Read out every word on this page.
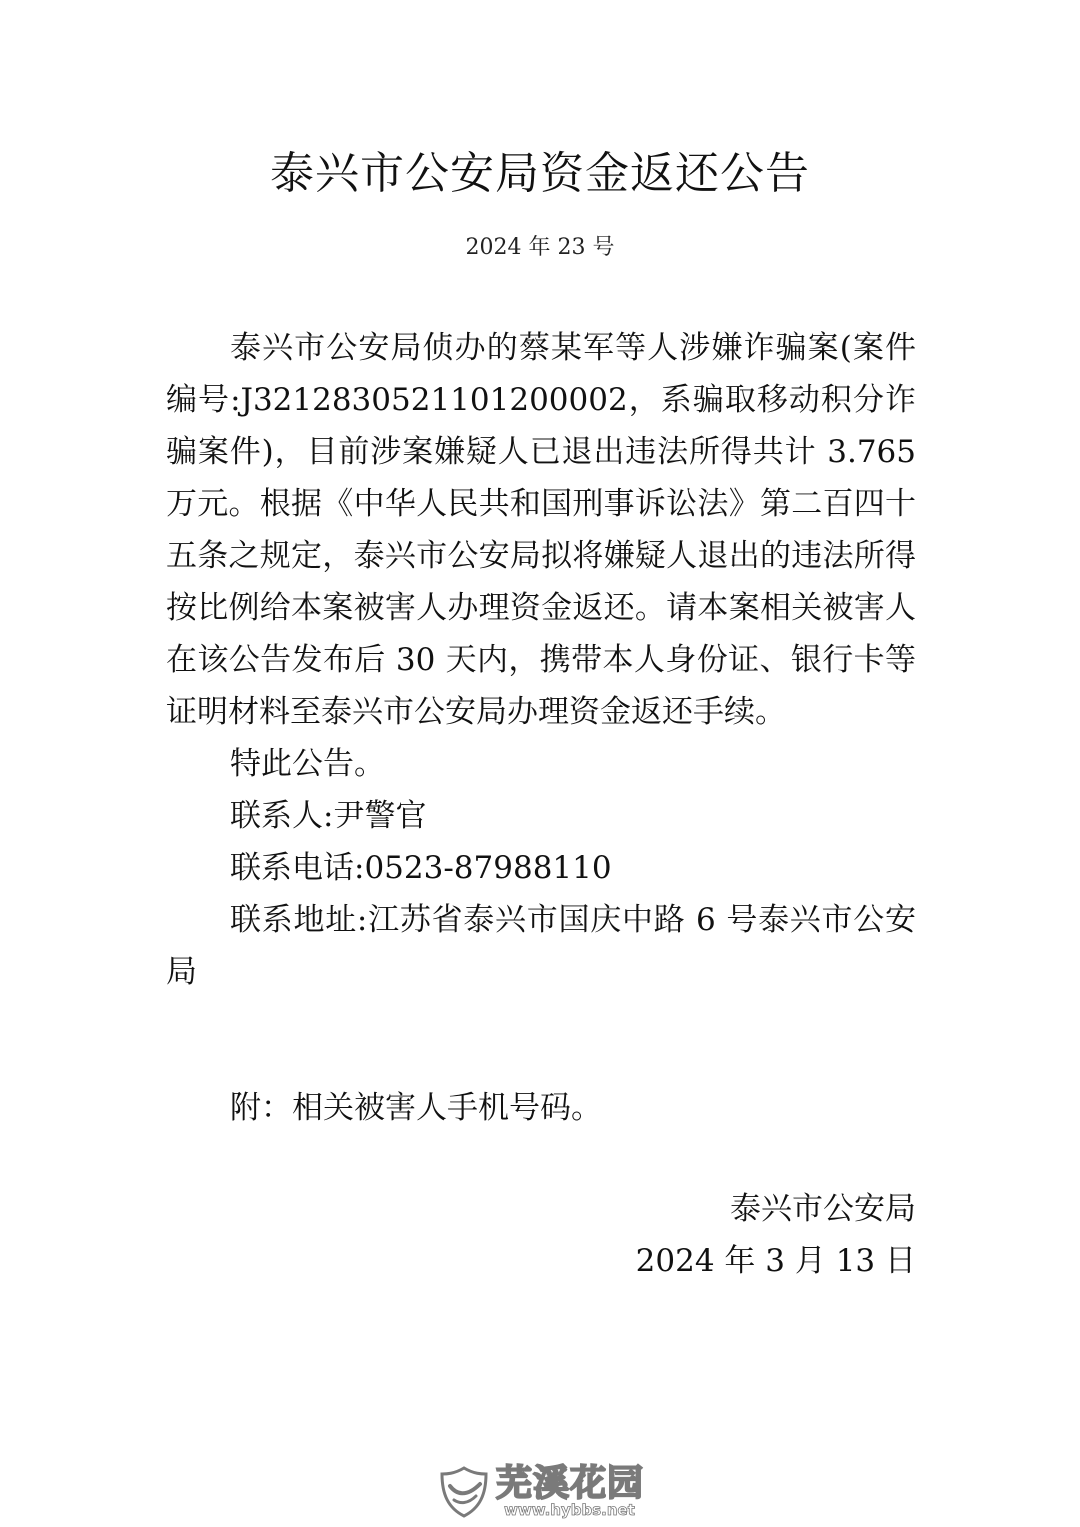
泰兴市公安局资金返还公告
2024 年 23 号

泰兴市公安局侦办的蔡某军等人涉嫌诈骗案(案件编号:J3212830521101200002，系骗取移动积分诈骗案件)，目前涉案嫌疑人已退出违法所得共计 3.765 万元。根据《中华人民共和国刑事诉讼法》第二百四十五条之规定，泰兴市公安局拟将嫌疑人退出的违法所得按比例给本案被害人办理资金返还。请本案相关被害人在该公告发布后 30 天内，携带本人身份证、银行卡等证明材料至泰兴市公安局办理资金返还手续。

特此公告。

联系人:尹警官

联系电话:0523-87988110

联系地址:江苏省泰兴市国庆中路 6 号泰兴市公安局

附：相关被害人手机号码。
泰兴市公安局
2024 年 3 月 13 日
芜溪花园
www.hybbs.net
